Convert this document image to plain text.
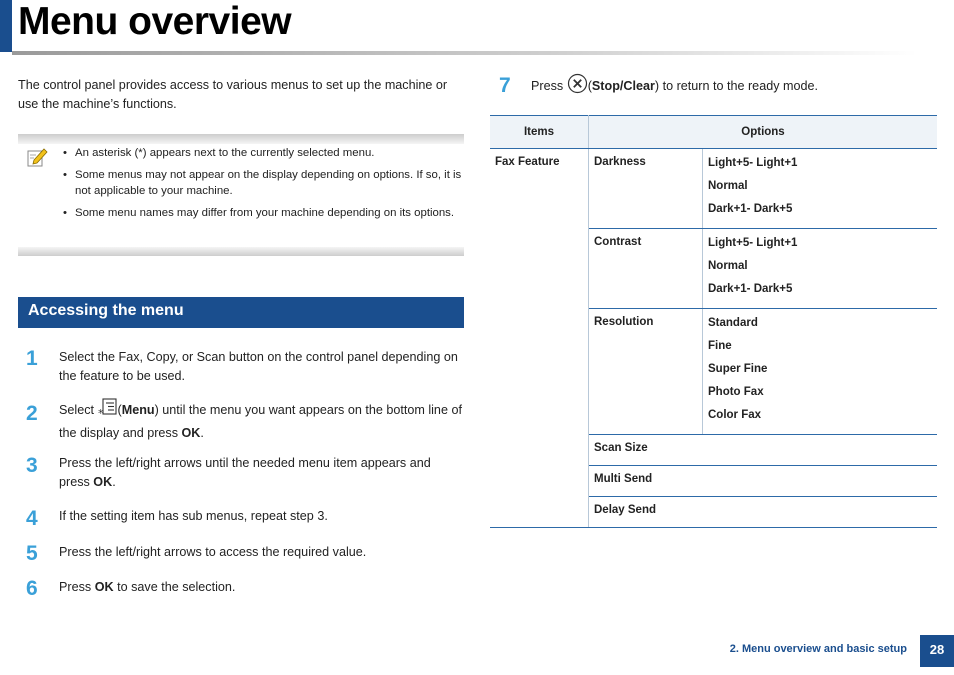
Menu overview

The control panel provides access to various menus to set up the machine or use the machine’s functions.

• An asterisk (*) appears next to the currently selected menu.
• Some menus may not appear on the display depending on options. If so, it is not applicable to your machine.
• Some menu names may differ from your machine depending on its options.
Accessing the menu
1 Select the Fax, Copy, or Scan button on the control panel depending on the feature to be used.
2 Select * (Menu) until the menu you want appears on the bottom line of the display and press OK.
3 Press the left/right arrows until the needed menu item appears and press OK.
4 If the setting item has sub menus, repeat step 3.
5 Press the left/right arrows to access the required value.
6 Press OK to save the selection.
7 Press (Stop/Clear) to return to the ready mode.
Items	Options	
Fax Feature	Darkness	Light+5- Light+1
Normal
Dark+1- Dark+5

	Contrast	Light+5- Light+1
Normal
Dark+1- Dark+5

	Resolution	Standard
Fine
Super Fine
Photo Fax
Color Fax

	Scan Size	
	Multi Send	
	Delay Send	
2. Menu overview and basic setup	28
